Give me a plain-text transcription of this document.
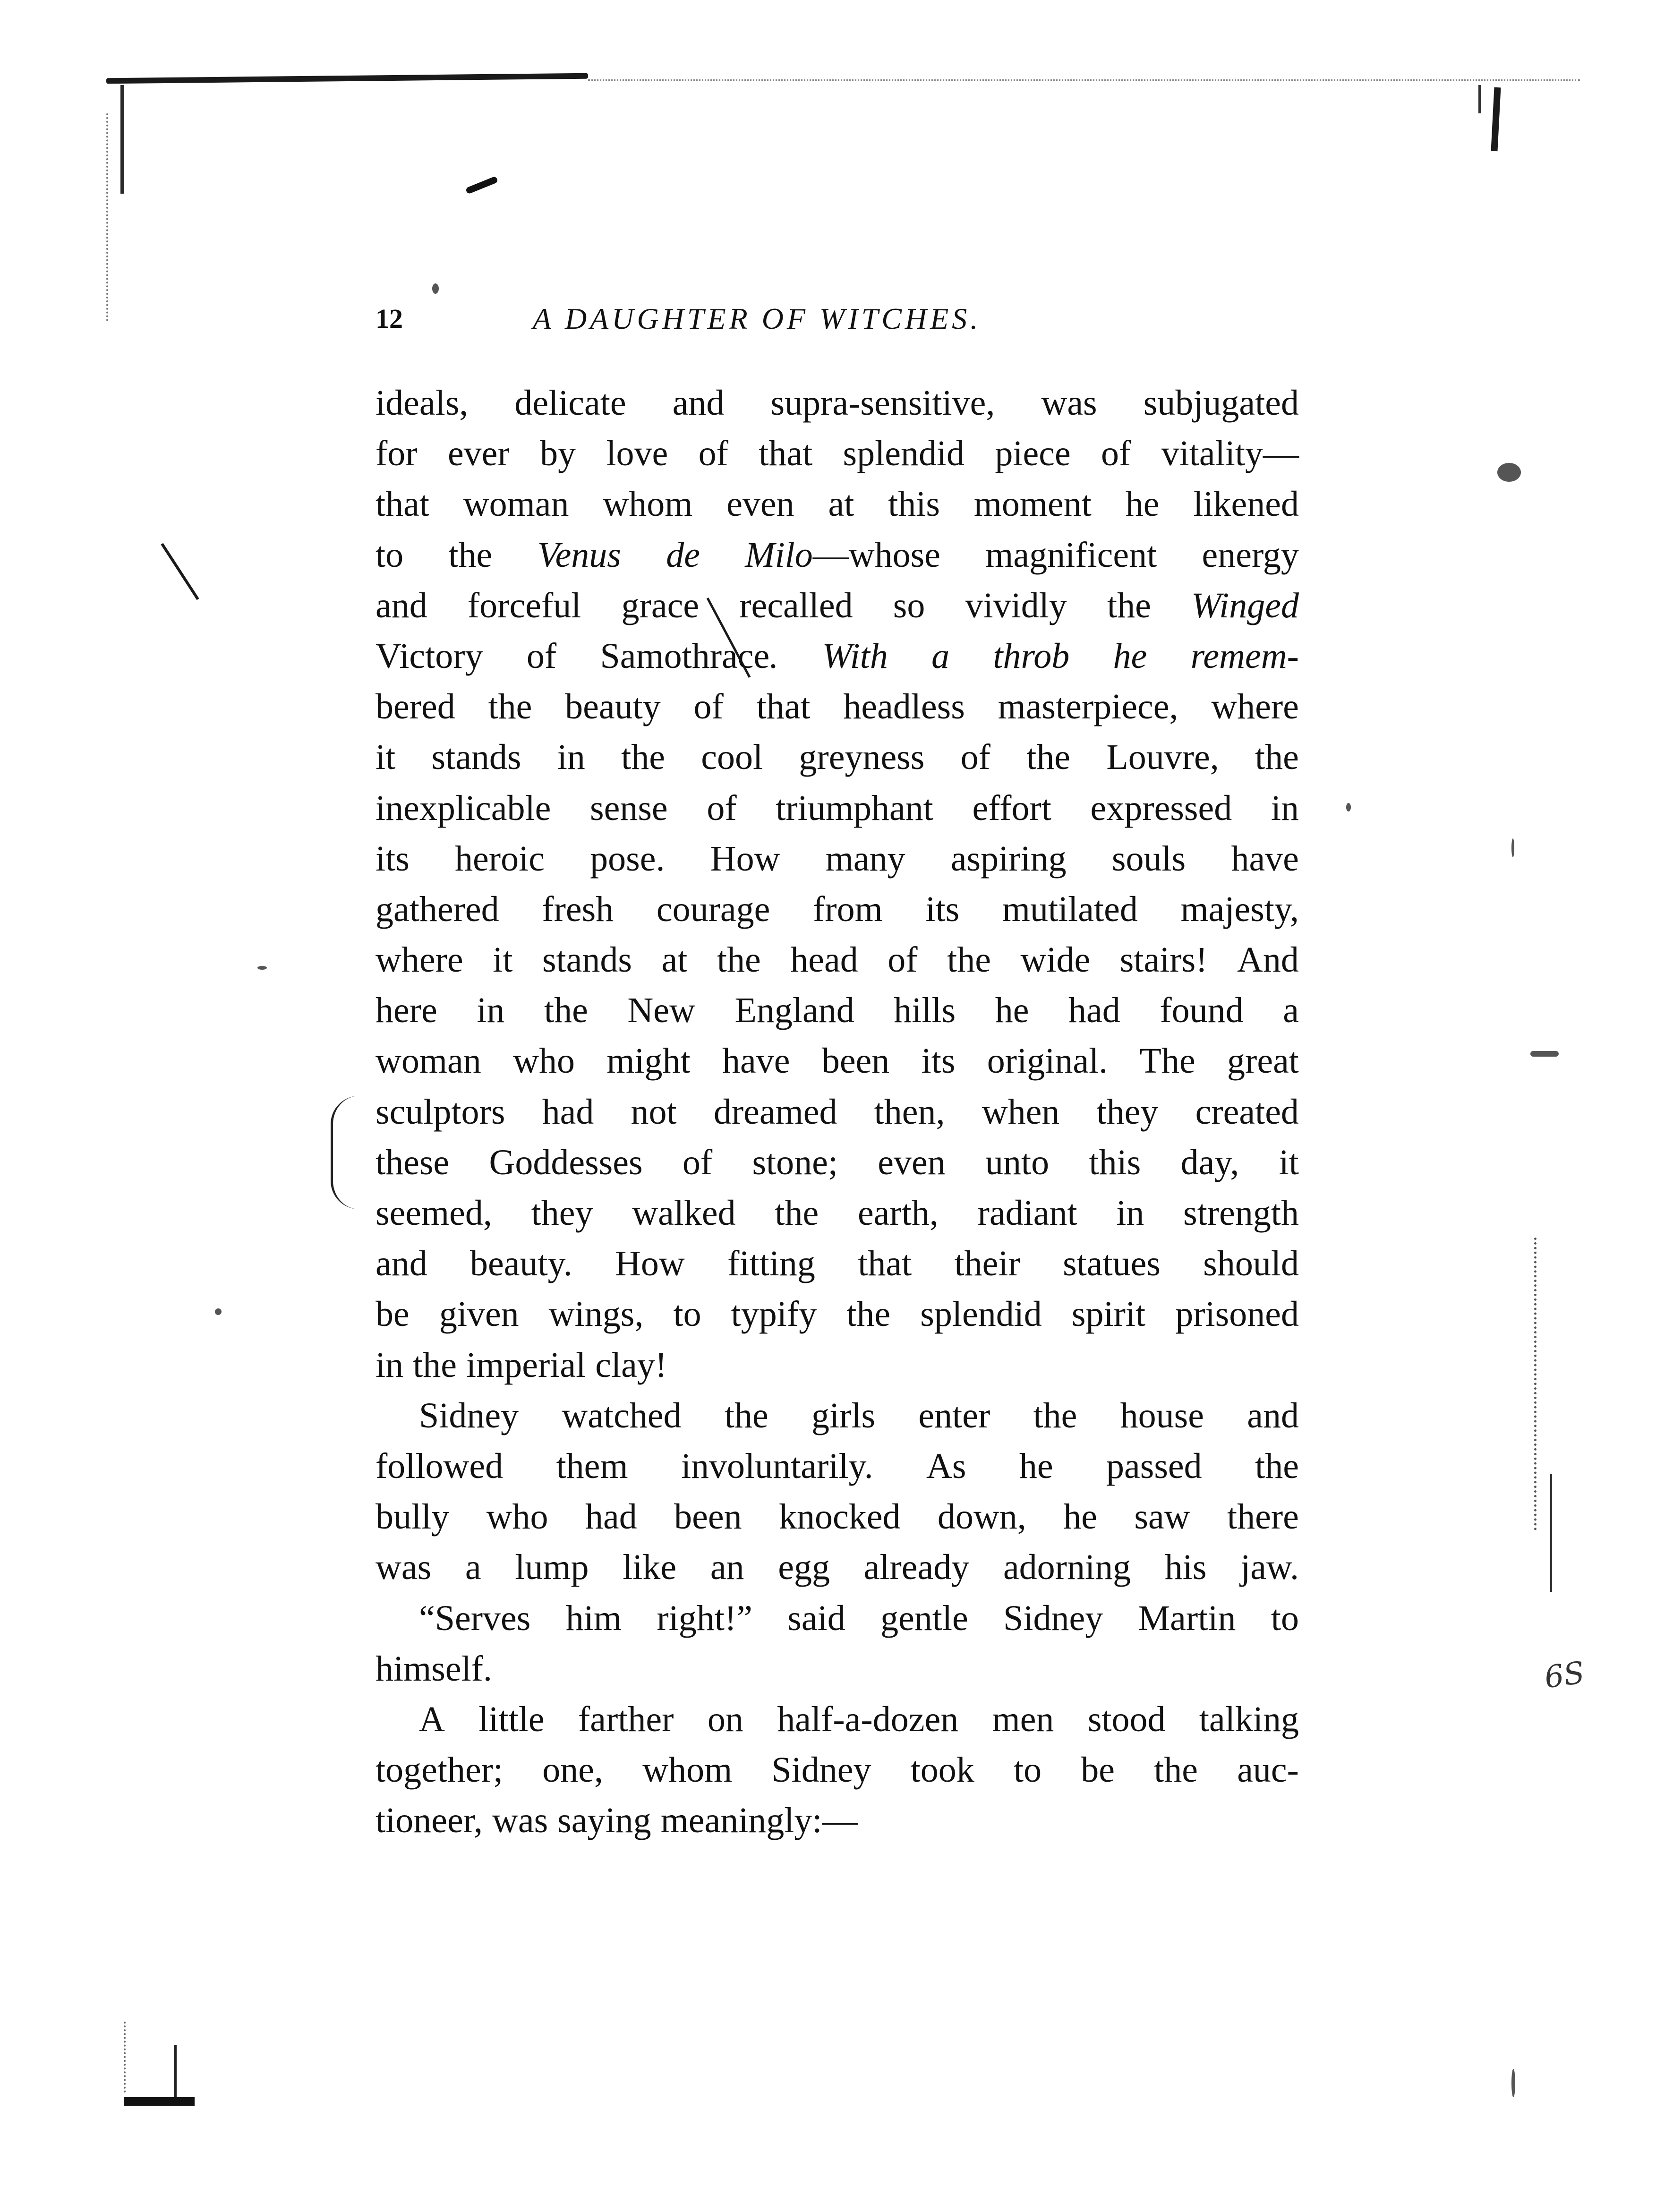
6S
12	A DAUGHTER OF WITCHES.
ideals, delicate and supra-sensitive, was subjugated
for ever by love of that splendid piece of vitality—
that woman whom even at this moment he likened
to the Venus de Milo—whose magnificent energy
and forceful grace recalled so vividly the Winged
Victory of Samothrace. With a throb he remem-
bered the beauty of that headless masterpiece, where
it stands in the cool greyness of the Louvre, the
inexplicable sense of triumphant effort expressed in
its heroic pose. How many aspiring souls have
gathered fresh courage from its mutilated majesty,
where it stands at the head of the wide stairs! And
here in the New England hills he had found a
woman who might have been its original. The great
sculptors had not dreamed then, when they created
these Goddesses of stone; even unto this day, it
seemed, they walked the earth, radiant in strength
and beauty. How fitting that their statues should
be given wings, to typify the splendid spirit prisoned
in the imperial clay!
Sidney watched the girls enter the house and
followed them involuntarily. As he passed the
bully who had been knocked down, he saw there
was a lump like an egg already adorning his jaw.
“Serves him right!” said gentle Sidney Martin to
himself.
A little farther on half-a-dozen men stood talking
together; one, whom Sidney took to be the auc-
tioneer, was saying meaningly:—
